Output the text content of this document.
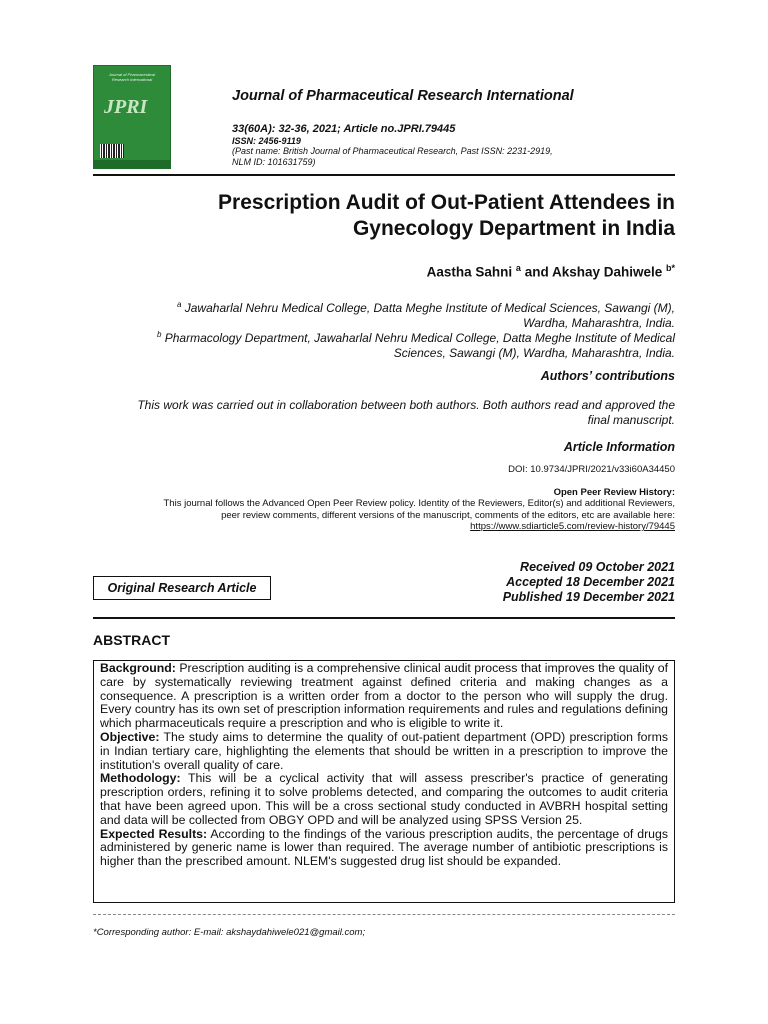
Journal of Pharmaceutical Research International
JPRI	Journal of Pharmaceutical Research International
33(60A): 32-36, 2021; Article no.JPRI.79445
ISSN: 2456-9119
(Past name: British Journal of Pharmaceutical Research, Past ISSN: 2231-2919,
NLM ID: 101631759)
Prescription Audit of Out-Patient Attendees in
Gynecology Department in India
Aastha Sahni $^a$ and Akshay Dahiwele $^{b*}$
$^a$ Jawaharlal Nehru Medical College, Datta Meghe Institute of Medical Sciences, Sawangi (M),
Wardha, Maharashtra, India.
$^b$ Pharmacology Department, Jawaharlal Nehru Medical College, Datta Meghe Institute of Medical
Sciences, Sawangi (M), Wardha, Maharashtra, India.
Authors’ contributions
This work was carried out in collaboration between both authors. Both authors read and approved the
final manuscript.
Article Information
DOI: 10.9734/JPRI/2021/v33i60A34450
Open Peer Review History:
This journal follows the Advanced Open Peer Review policy. Identity of the Reviewers, Editor(s) and additional Reviewers,
peer review comments, different versions of the manuscript, comments of the editors, etc are available here:
https://www.sdiarticle5.com/review-history/79445
Received 09 October 2021
Accepted 18 December 2021
Published 19 December 2021
Original Research Article
ABSTRACT

Background: Prescription auditing is a comprehensive clinical audit process that improves the quality of care by systematically reviewing treatment against defined criteria and making changes as a consequence. A prescription is a written order from a doctor to the person who will supply the drug. Every country has its own set of prescription information requirements and rules and regulations defining which pharmaceuticals require a prescription and who is eligible to write it.

Objective: The study aims to determine the quality of out-patient department (OPD) prescription forms in Indian tertiary care, highlighting the elements that should be written in a prescription to improve the institution's overall quality of care.

Methodology: This will be a cyclical activity that will assess prescriber's practice of generating prescription orders, refining it to solve problems detected, and comparing the outcomes to audit criteria that have been agreed upon. This will be a cross sectional study conducted in AVBRH hospital setting and data will be collected from OBGY OPD and will be analyzed using SPSS Version 25.

Expected Results: According to the findings of the various prescription audits, the percentage of drugs administered by generic name is lower than required. The average number of antibiotic prescriptions is higher than the prescribed amount. NLEM's suggested drug list should be expanded.

*Corresponding author: E-mail: akshaydahiwele021@gmail.com;
